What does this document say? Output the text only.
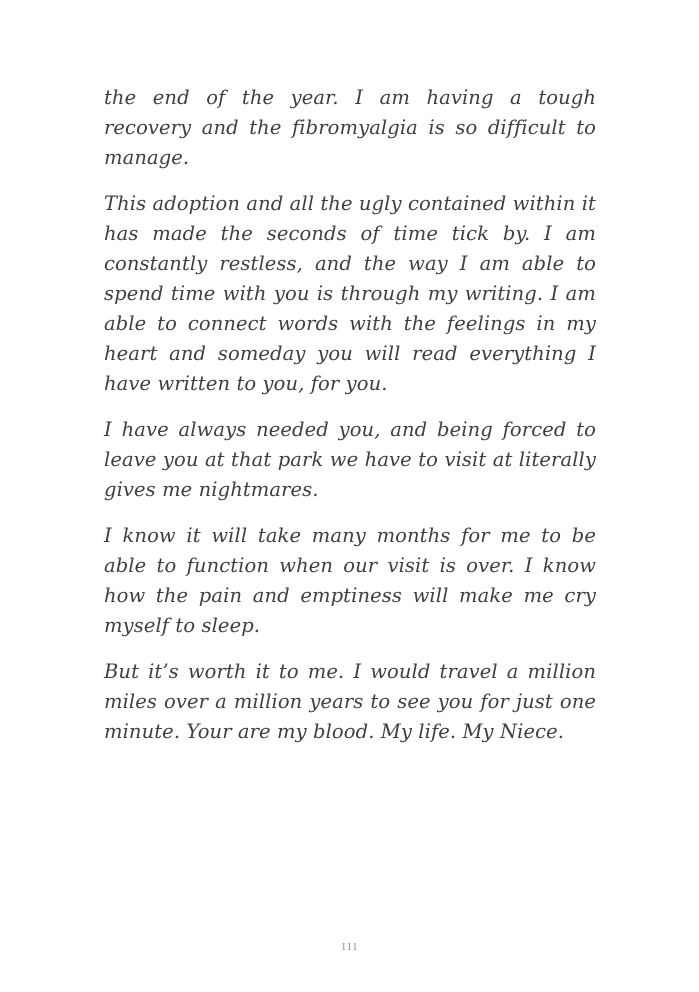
the end of the year. I am having a tough recovery and the fibromyalgia is so difficult to manage.

This adoption and all the ugly contained within it has made the seconds of time tick by. I am constantly restless, and the way I am able to spend time with you is through my writing. I am able to connect words with the feelings in my heart and someday you will read everything I have written to you, for you.

I have always needed you, and being forced to leave you at that park we have to visit at literally gives me nightmares.

I know it will take many months for me to be able to function when our visit is over. I know how the pain and emptiness will make me cry myself to sleep.

But it’s worth it to me. I would travel a million miles over a million years to see you for just one minute. Your are my blood. My life. My Niece.

111
